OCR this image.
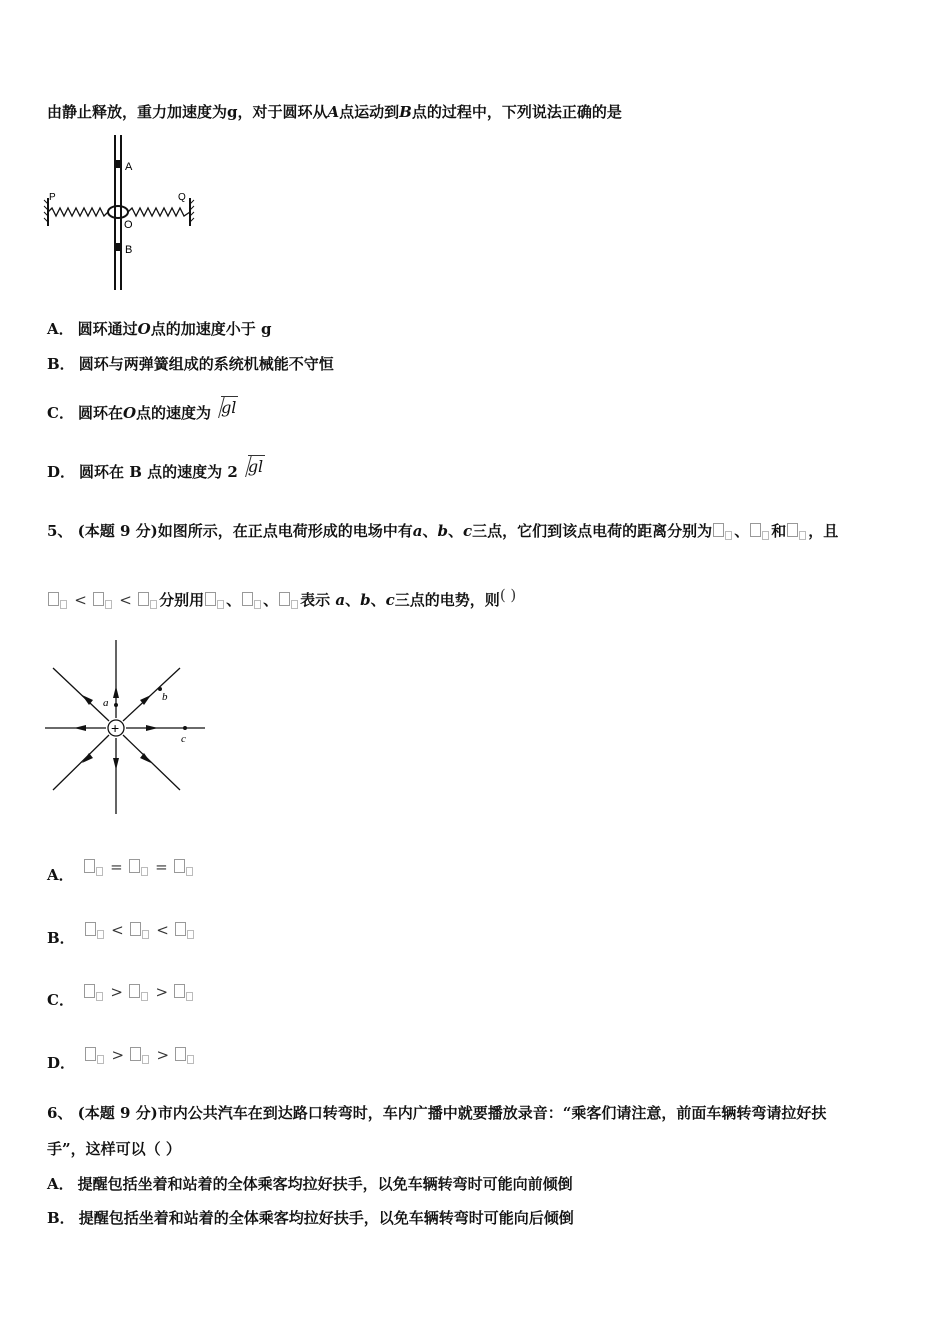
由静止释放，重力加速度为g，对于圆环从A点运动到B点的过程中，下列说法正确的是
A
P	Q
O
B
A． 圆环通过O点的加速度小于 g
B． 圆环与两弹簧组成的系统机械能不守恒
C． 圆环在O点的速度为 gl
D． 圆环在 B 点的速度为 2 gl
5、 (本题 9 分)如图所示，在正点电荷形成的电场中有a、b、c三点，它们到该点电荷的距离分别为 、 和 ，且
< < 分别用 、 、 表示 a、b、c三点的电势，则( )
+
a	b
c
A． = =
B． < <
C． > >
D． > >
6、 (本题 9 分)市内公共汽车在到达路口转弯时，车内广播中就要播放录音：“乘客们请注意，前面车辆转弯请拉好扶
手”，这样可以（ ）
A． 提醒包括坐着和站着的全体乘客均拉好扶手，以免车辆转弯时可能向前倾倒
B． 提醒包括坐着和站着的全体乘客均拉好扶手，以免车辆转弯时可能向后倾倒
